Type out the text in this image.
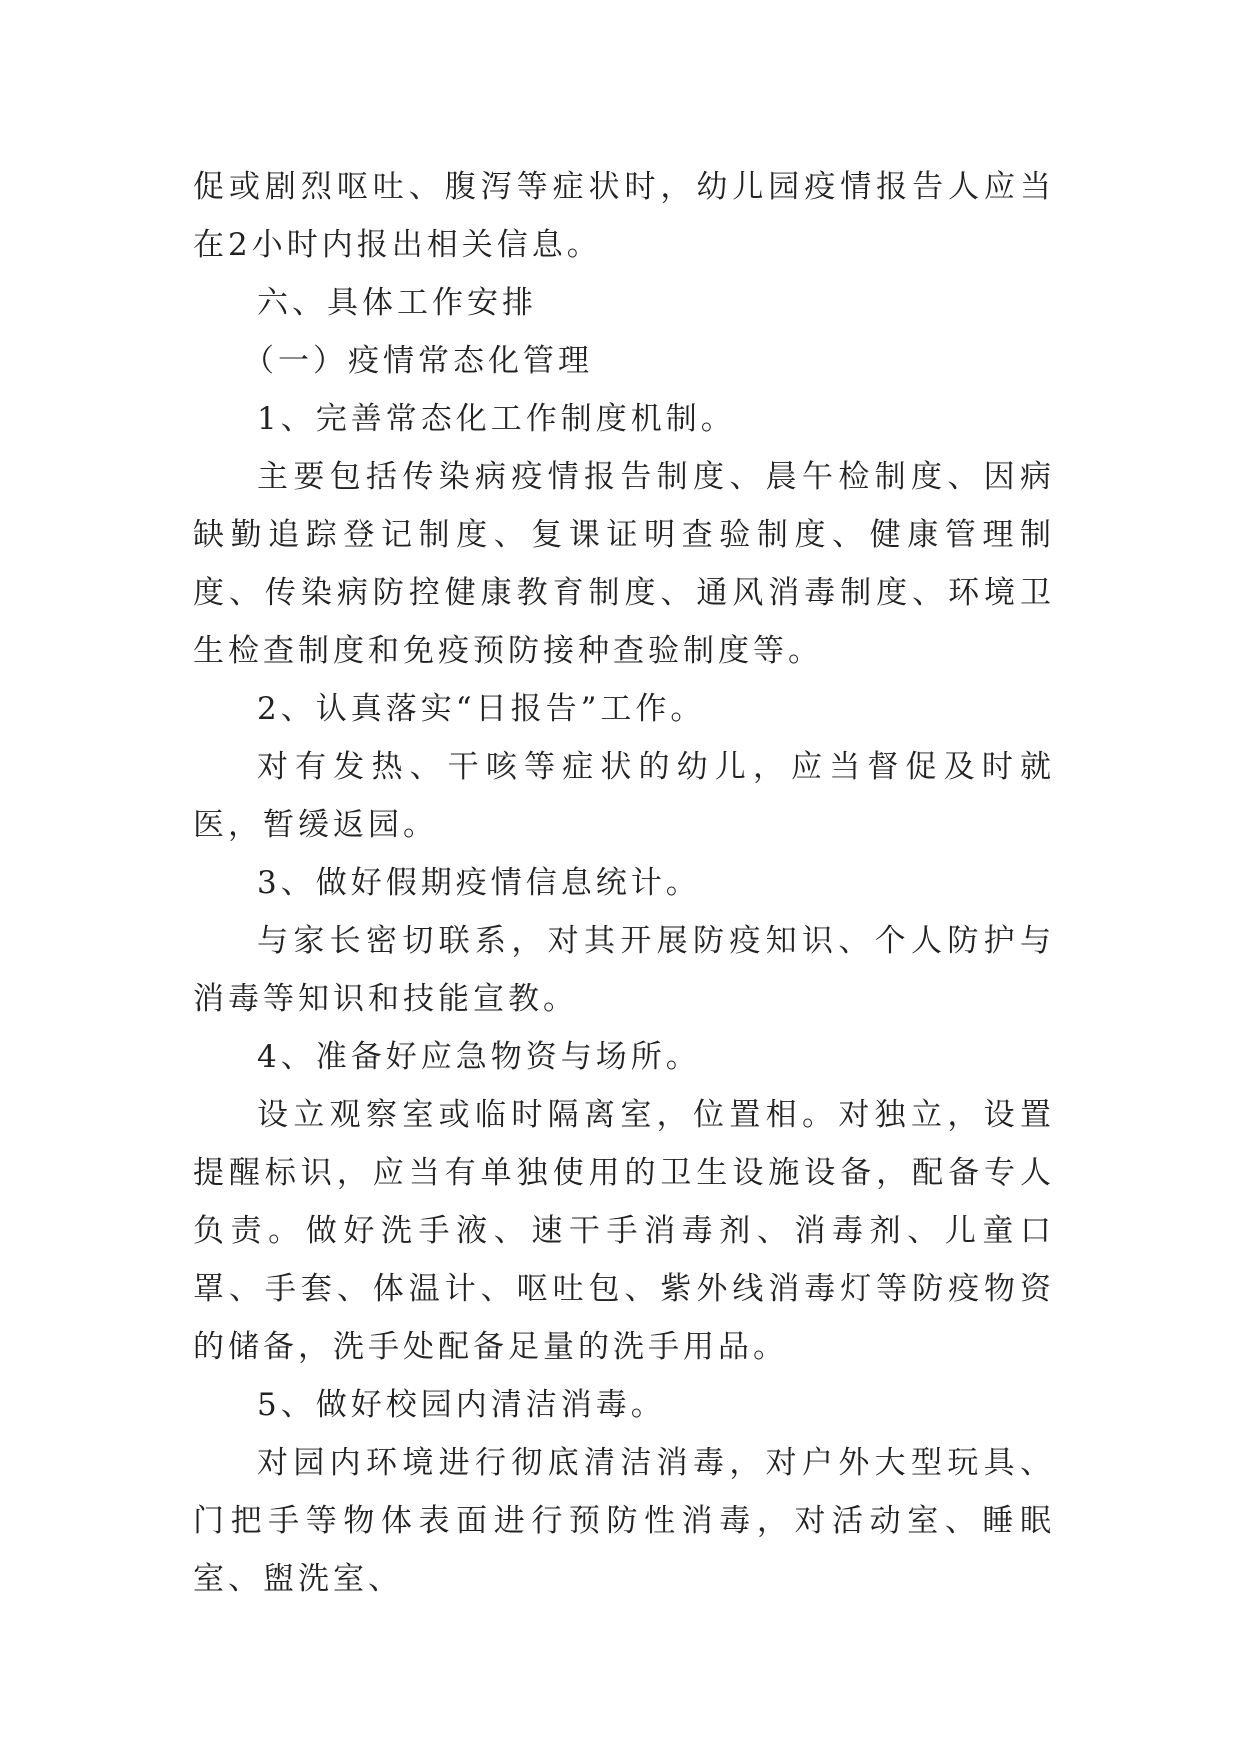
促或剧烈呕吐、腹泻等症状时，幼儿园疫情报告人应当在2小时内报出相关信息。

六、具体工作安排

（一）疫情常态化管理

1、完善常态化工作制度机制。

主要包括传染病疫情报告制度、晨午检制度、因病缺勤追踪登记制度、复课证明查验制度、健康管理制度、传染病防控健康教育制度、通风消毒制度、环境卫生检查制度和免疫预防接种查验制度等。

2、认真落实“日报告”工作。

对有发热、干咳等症状的幼儿，应当督促及时就医，暂缓返园。

3、做好假期疫情信息统计。

与家长密切联系，对其开展防疫知识、个人防护与消毒等知识和技能宣教。

4、准备好应急物资与场所。

设立观察室或临时隔离室，位置相。对独立，设置提醒标识，应当有单独使用的卫生设施设备，配备专人负责。做好洗手液、速干手消毒剂、消毒剂、儿童口罩、手套、体温计、呕吐包、紫外线消毒灯等防疫物资的储备，洗手处配备足量的洗手用品。

5、做好校园内清洁消毒。

对园内环境进行彻底清洁消毒，对户外大型玩具、门把手等物体表面进行预防性消毒，对活动室、睡眠室、盥洗室、
